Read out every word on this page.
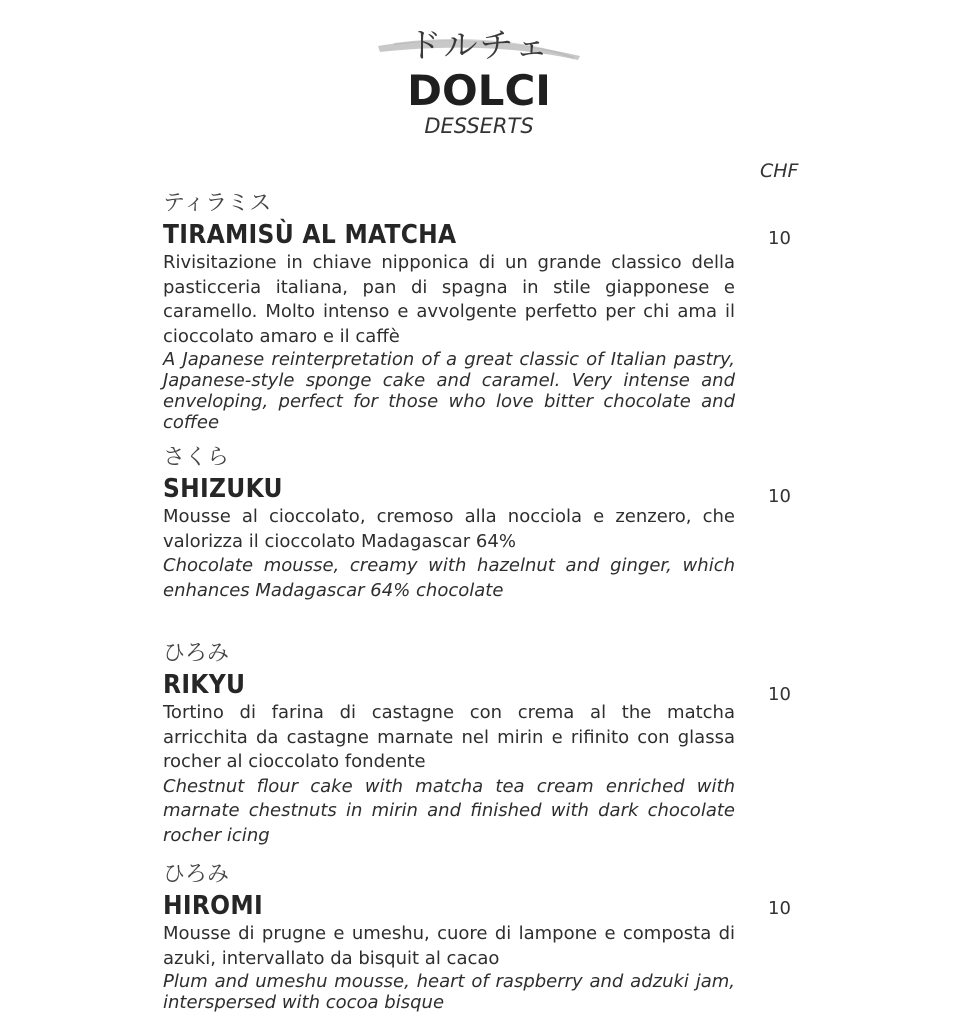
ドルチェ
DOLCI
DESSERTS
CHF
ティラミス
TIRAMISÙ AL MATCHA
Rivisitazione in chiave nipponica di un grande classico della pasticceria italiana, pan di spagna in stile giapponese e caramello. Molto intenso e avvolgente perfetto per chi ama il cioccolato amaro e il caffè
A Japanese reinterpretation of a great classic of Italian pastry, Japanese-style sponge cake and caramel. Very intense and enveloping, perfect for those who love bitter chocolate and coffee
10
さくら
SHIZUKU
Mousse al cioccolato, cremoso alla nocciola e zenzero, che valorizza il cioccolato Madagascar 64%
Chocolate mousse, creamy with hazelnut and ginger, which enhances Madagascar 64% chocolate
10
ひろみ
RIKYU
Tortino di farina di castagne con crema al the matcha arricchita da castagne marnate nel mirin e rifinito con glassa rocher al cioccolato fondente
Chestnut flour cake with matcha tea cream enriched with marnate chestnuts in mirin and finished with dark chocolate rocher icing
10
ひろみ
HIROMI
Mousse di prugne e umeshu, cuore di lampone e composta di azuki, intervallato da bisquit al cacao
Plum and umeshu mousse, heart of raspberry and adzuki jam, interspersed with cocoa bisque
10
